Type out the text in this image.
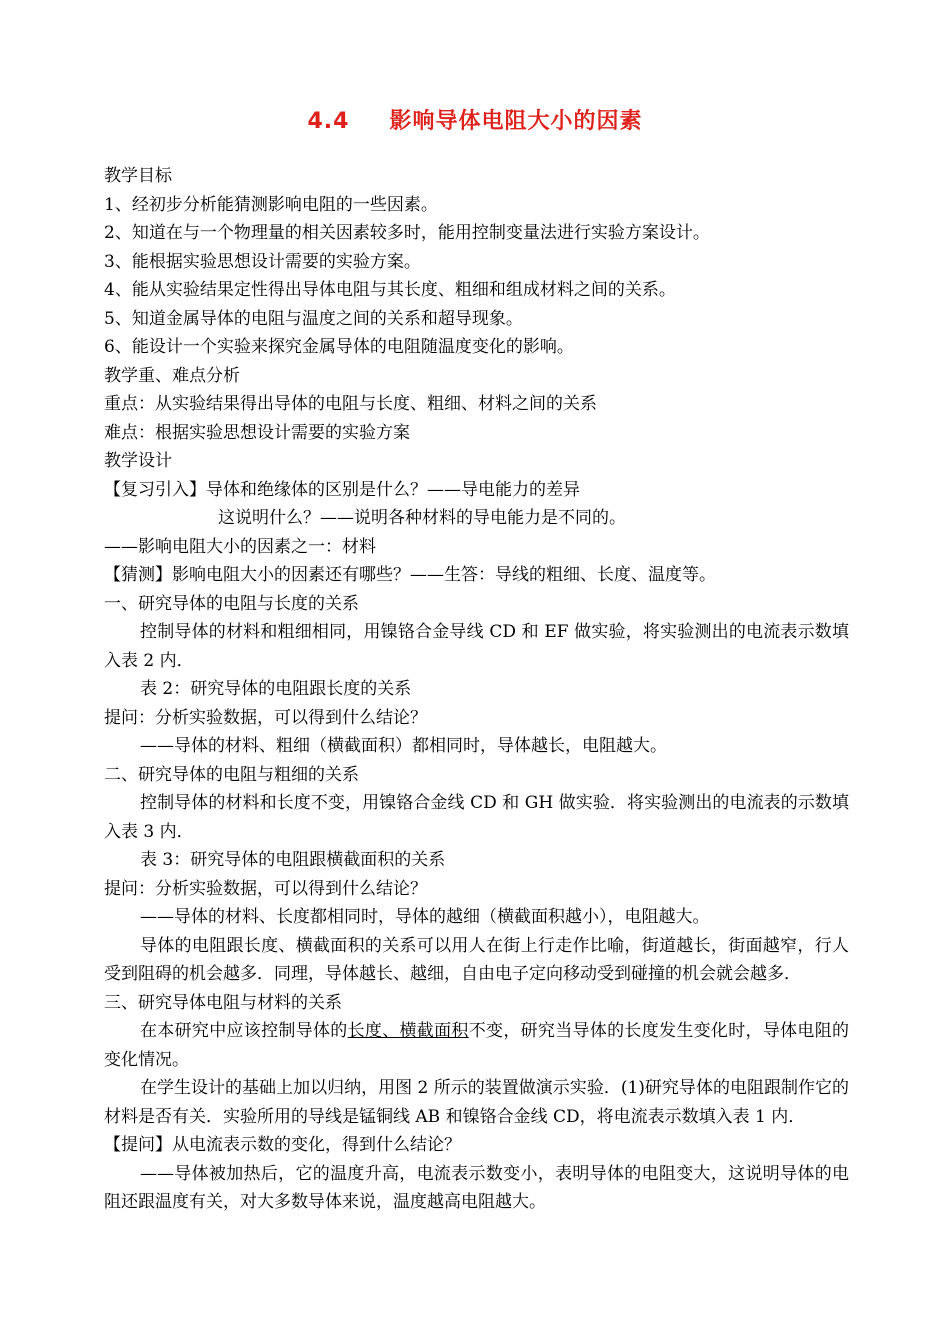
4.4 影响导体电阻大小的因素
教学目标
1、经初步分析能猜测影响电阻的一些因素。
2、知道在与一个物理量的相关因素较多时，能用控制变量法进行实验方案设计。
3、能根据实验思想设计需要的实验方案。
4、能从实验结果定性得出导体电阻与其长度、粗细和组成材料之间的关系。
5、知道金属导体的电阻与温度之间的关系和超导现象。
6、能设计一个实验来探究金属导体的电阻随温度变化的影响。
教学重、难点分析
重点：从实验结果得出导体的电阻与长度、粗细、材料之间的关系
难点：根据实验思想设计需要的实验方案
教学设计
【复习引入】导体和绝缘体的区别是什么？——导电能力的差异
这说明什么？——说明各种材料的导电能力是不同的。
——影响电阻大小的因素之一：材料
【猜测】影响电阻大小的因素还有哪些？——生答：导线的粗细、长度、温度等。
一、研究导体的电阻与长度的关系
控制导体的材料和粗细相同，用镍铬合金导线 CD 和 EF 做实验，将实验测出的电流表示数填入表 2 内．
表 2：研究导体的电阻跟长度的关系
提问：分析实验数据，可以得到什么结论？
——导体的材料、粗细（横截面积）都相同时，导体越长，电阻越大。
二、研究导体的电阻与粗细的关系
控制导体的材料和长度不变，用镍铬合金线 CD 和 GH 做实验．将实验测出的电流表的示数填入表 3 内．
表 3：研究导体的电阻跟横截面积的关系
提问：分析实验数据，可以得到什么结论？
——导体的材料、长度都相同时，导体的越细（横截面积越小），电阻越大。
导体的电阻跟长度、横截面积的关系可以用人在街上行走作比喻，街道越长，街面越窄，行人受到阻碍的机会越多．同理，导体越长、越细，自由电子定向移动受到碰撞的机会就会越多．
三、研究导体电阻与材料的关系
在本研究中应该控制导体的长度、横截面积不变，研究当导体的长度发生变化时，导体电阻的变化情况。
在学生设计的基础上加以归纳，用图 2 所示的装置做演示实验．(1)研究导体的电阻跟制作它的材料是否有关．实验所用的导线是锰铜线 AB 和镍铬合金线 CD，将电流表示数填入表 1 内．
【提问】从电流表示数的变化，得到什么结论？
——导体被加热后，它的温度升高，电流表示数变小，表明导体的电阻变大，这说明导体的电阻还跟温度有关，对大多数导体来说，温度越高电阻越大。
